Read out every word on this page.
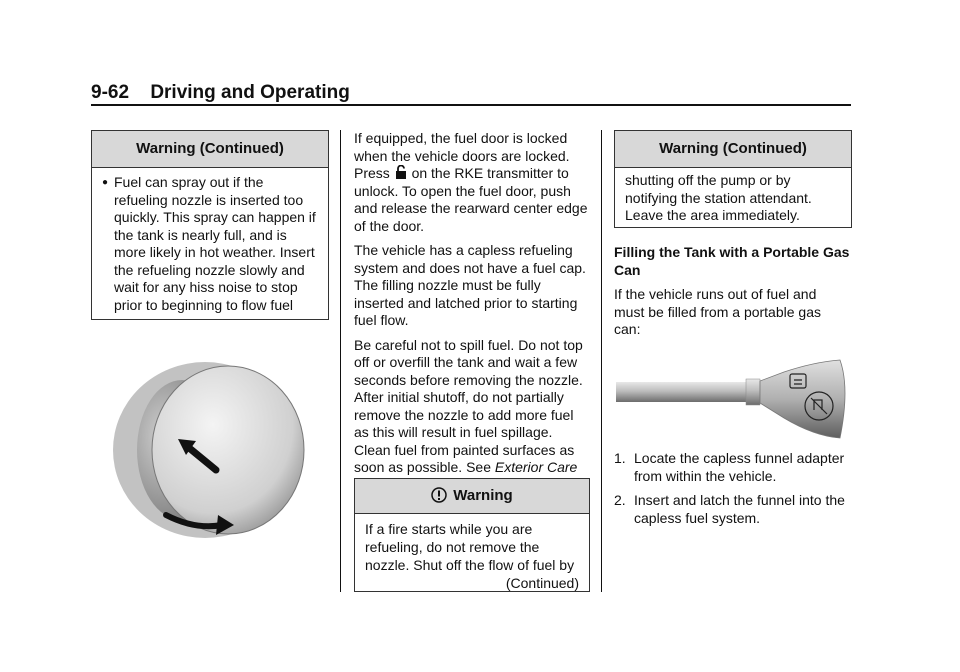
9-62 Driving and Operating
Warning (Continued)
● Fuel can spray out if the refueling nozzle is inserted too quickly. This spray can happen if the tank is nearly full, and is more likely in hot weather. Insert the refueling nozzle slowly and wait for any hiss noise to stop prior to beginning to flow fuel

If equipped, the fuel door is locked when the vehicle doors are locked. Press on the RKE transmitter to unlock. To open the fuel door, push and release the rearward center edge of the door.

The vehicle has a capless refueling system and does not have a fuel cap. The filling nozzle must be fully inserted and latched prior to starting fuel flow.

Be careful not to spill fuel. Do not top off or overfill the tank and wait a few seconds before removing the nozzle. After initial shutoff, do not partially remove the nozzle to add more fuel as this will result in fuel spillage. Clean fuel from painted surfaces as soon as possible. See Exterior Care

Warning
If a fire starts while you are refueling, do not remove the nozzle. Shut off the flow of fuel by
(Continued)
Warning (Continued)
shutting off the pump or by notifying the station attendant. Leave the area immediately.

Filling the Tank with a Portable Gas Can

If the vehicle runs out of fuel and must be filled from a portable gas can:

1. Locate the capless funnel adapter from within the vehicle.
2. Insert and latch the funnel into the capless fuel system.
